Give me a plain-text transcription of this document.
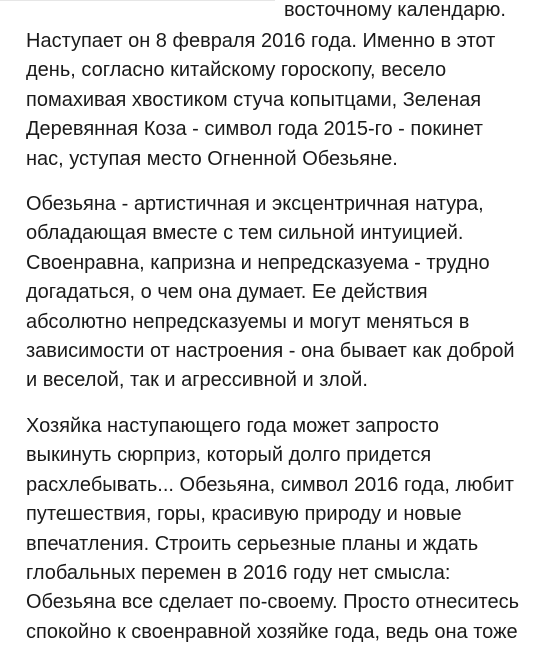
восточному календарю.

Наступает он 8 февраля 2016 года. Именно в этот
день, согласно китайскому гороскопу, весело
помахивая хвостиком стуча копытцами, Зеленая
Деревянная Коза - символ года 2015-го - покинет
нас, уступая место Огненной Обезьяне.

Обезьяна - артистичная и эксцентричная натура,
обладающая вместе с тем сильной интуицией.
Своенравна, капризна и непредсказуема - трудно
догадаться, о чем она думает. Ее действия
абсолютно непредсказуемы и могут меняться в
зависимости от настроения - она бывает как доброй
и веселой, так и агрессивной и злой.

Хозяйка наступающего года может запросто
выкинуть сюрприз, который долго придется
расхлебывать... Обезьяна, символ 2016 года, любит
путешествия, горы, красивую природу и новые
впечатления. Строить серьезные планы и ждать
глобальных перемен в 2016 году нет смысла:
Обезьяна все сделает по-своему. Просто отнеситесь
спокойно к своенравной хозяйке года, ведь она тоже
